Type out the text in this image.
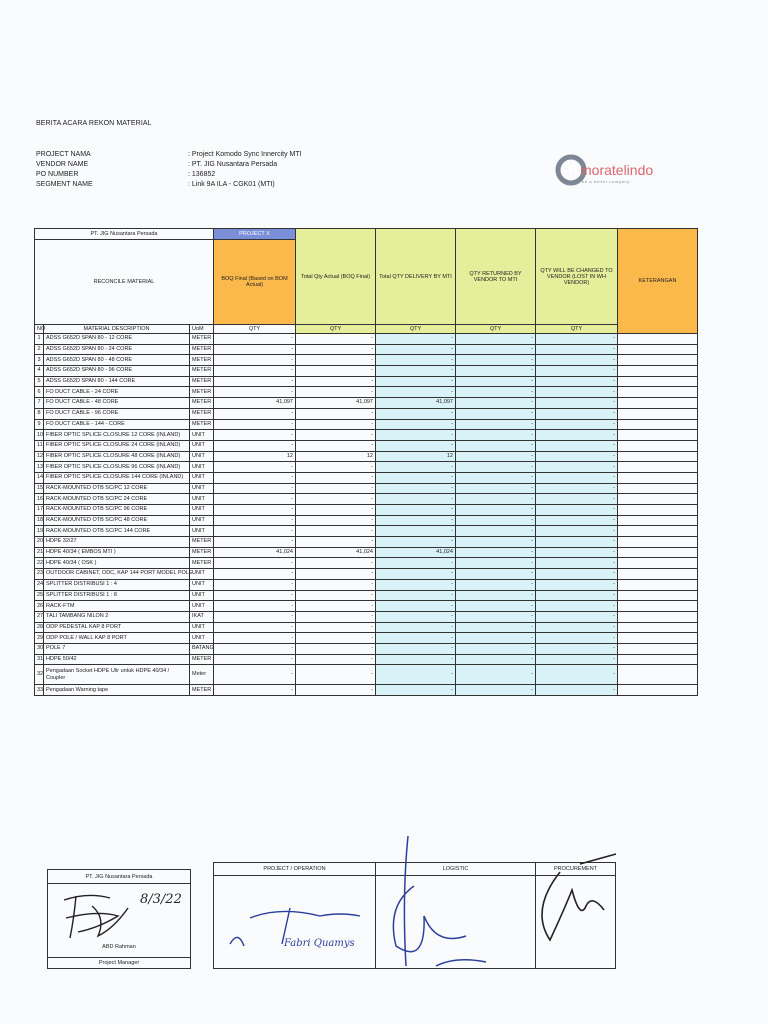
BERITA ACARA REKON MATERIAL
PROJECT NAMA	: Project Komodo Sync Innercity MTI
VENDOR NAME	: PT. JIG Nusantara Persada
PO NUMBER	: 136852
SEGMENT NAME	: Link 9A ILA - CGK01 (MTI)
moratelindo
be a better company
PT. JIG Nusantara Persada			PROJECT X	Total Qty Actual (BOQ Final)	Total QTY DELIVERY BY MTI	QTY RETURNED BY VENDOR TO MTI	QTY WILL BE CHANGED TO VENDOR (LOST IN WH VENDOR)	KETERANGAN
RECONCILE MATERIAL			BOQ Final (Based on BOM Actual)					
NO	MATERIAL DESCRIPTION	UoM	QTY	QTY	QTY	QTY	QTY	
1	ADSS G652D SPAN 80 - 12 CORE	METER	-	-	-	-	-	
2	ADSS G652D SPAN 80 - 24 CORE	METER	-	-	-	-	-	
3	ADSS G652D SPAN 80 - 48 CORE	METER	-	-	-	-	-	
4	ADSS G652D SPAN 80 - 96 CORE	METER	-	-	-	-	-	
5	ADSS G652D SPAN 80 - 144 CORE	METER	-	-	-	-	-	
6	FO DUCT CABLE - 24 CORE	METER	-	-	-	-	-	
7	FO DUCT CABLE - 48 CORE	METER	41,097	41,097	41,097	-	-	
8	FO DUCT CABLE - 96 CORE	METER	-	-	-	-	-	
9	FO DUCT CABLE - 144 - CORE	METER	-	-	-	-	-	
10	FIBER OPTIC SPLICE CLOSURE 12 CORE (INLAND)	UNIT	-	-	-	-	-	
11	FIBER OPTIC SPLICE CLOSURE 24 CORE (INLAND)	UNIT	-	-	-	-	-	
12	FIBER OPTIC SPLICE CLOSURE 48 CORE (INLAND)	UNIT	12	12	12	-	-	
13	FIBER OPTIC SPLICE CLOSURE 96 CORE (INLAND)	UNIT	-	-	-	-	-	
14	FIBER OPTIC SPLICE CLOSURE 144 CORE (INLAND)	UNIT	-	-	-	-	-	
15	RACK-MOUNTED OTB SC/PC 12 CORE	UNIT	-	-	-	-	-	
16	RACK-MOUNTED OTB SC/PC 24 CORE	UNIT	-	-	-	-	-	
17	RACK-MOUNTED OTB SC/PC 96 CORE	UNIT	-	-	-	-	-	
18	RACK-MOUNTED OTB SC/PC 48 CORE	UNIT	-	-	-	-	-	
19	RACK-MOUNTED OTB SC/PC 144 CORE	UNIT	-	-	-	-	-	
20	HDPE 32/27	METER	-	-	-	-	-	
21	HDPE 40/34 ( EMBOS MTI )	METER	41,024	41,024	41,024	-	-	
22	HDPE 40/34 ( OSK )	METER	-	-	-	-	-	
23	OUTDOOR CABINET, ODC, KAP 144 PORT MODEL POLE	UNIT	-	-	-	-	-	
24	SPLITTER DISTRIBUSI 1 : 4	UNIT	-	-	-	-	-	
25	SPLITTER DISTRIBUSI 1 : 8	UNIT	-	-	-	-	-	
26	RACK-FTM	UNIT	-	-	-	-	-	
27	TALI TAMBANG NILON 2	IKAT	-	-	-	-	-	
28	ODP PEDESTAL KAP 8 PORT	UNIT	-	-	-	-	-	
29	ODP POLE / WALL KAP 8 PORT	UNIT	-	-	-	-	-	
30	POLE 7	BATANG	-	-	-	-	-	
31	HDPE 50/42	METER	-	-	-	-	-	
32	Pengadaan Socket HDPE Ulir untuk HDPE 40/34 / Coupler	Meter	-	-	-	-	-	
33	Pengadaan Warning tape	METER	-	-	-	-	-	
PT. JIG Nusantara Persada
8/3/22
ABD Rahman
Project Manager
PROJECT / OPERATION	LOGISTIC	PROCUREMENT

Fabri Quamys
